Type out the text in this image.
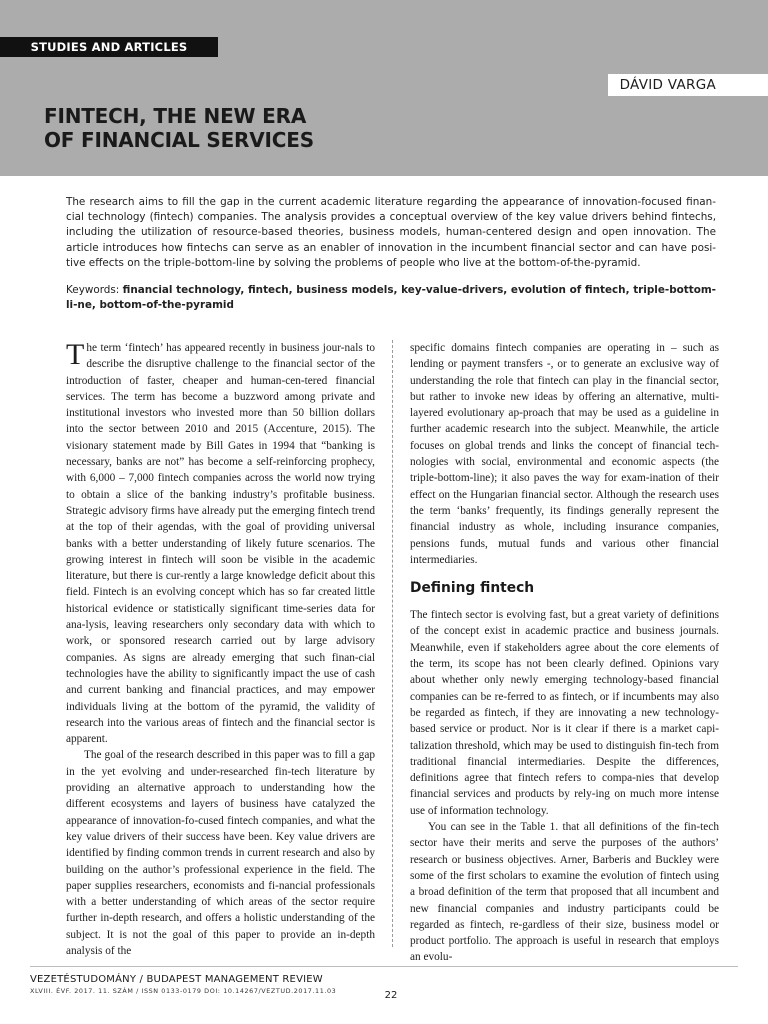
STUDIES AND ARTICLES
DÁVID VARGA
FINTECH, THE NEW ERA
OF FINANCIAL SERVICES
The research aims to fill the gap in the current academic literature regarding the appearance of innovation-focused finan-cial technology (fintech) companies. The analysis provides a conceptual overview of the key value drivers behind fintechs, including the utilization of resource-based theories, business models, human-centered design and open innovation. The article introduces how fintechs can serve as an enabler of innovation in the incumbent financial sector and can have posi-tive effects on the triple-bottom-line by solving the problems of people who live at the bottom-of-the-pyramid.
Keywords: financial technology, fintech, business models, key-value-drivers, evolution of fintech, triple-bottom-li-ne, bottom-of-the-pyramid

The term ‘fintech’ has appeared recently in business jour-nals to describe the disruptive challenge to the financial sector of the introduction of faster, cheaper and human-cen-tered financial services. The term has become a buzzword among private and institutional investors who invested more than 50 billion dollars into the sector between 2010 and 2015 (Accenture, 2015). The visionary statement made by Bill Gates in 1994 that “banking is necessary, banks are not” has become a self-reinforcing prophecy, with 6,000 – 7,000 fintech companies across the world now trying to obtain a slice of the banking industry’s profitable business. Strategic advisory firms have already put the emerging fintech trend at the top of their agendas, with the goal of providing universal banks with a better understanding of likely future scenarios. The growing interest in fintech will soon be visible in the academic literature, but there is cur-rently a large knowledge deficit about this field. Fintech is an evolving concept which has so far created little historical evidence or statistically significant time-series data for ana-lysis, leaving researchers only secondary data with which to work, or sponsored research carried out by large advisory companies. As signs are already emerging that such finan-cial technologies have the ability to significantly impact the use of cash and current banking and financial practices, and may empower individuals living at the bottom of the pyramid, the validity of research into the various areas of fintech and the financial sector is apparent.

The goal of the research described in this paper was to fill a gap in the yet evolving and under-researched fin-tech literature by providing an alternative approach to understanding how the different ecosystems and layers of business have catalyzed the appearance of innovation-fo-cused fintech companies, and what the key value drivers of their success have been. Key value drivers are identified by finding common trends in current research and also by building on the author’s professional experience in the field. The paper supplies researchers, economists and fi-nancial professionals with a better understanding of which areas of the sector require further in-depth research, and offers a holistic understanding of the subject. It is not the goal of this paper to provide an in-depth analysis of the

specific domains fintech companies are operating in – such as lending or payment transfers -, or to generate an exclusive way of understanding the role that fintech can play in the financial sector, but rather to invoke new ideas by offering an alternative, multi-layered evolutionary ap-proach that may be used as a guideline in further academic research into the subject. Meanwhile, the article focuses on global trends and links the concept of financial tech-nologies with social, environmental and economic aspects (the triple-bottom-line); it also paves the way for exam-ination of their effect on the Hungarian financial sector. Although the research uses the term ‘banks’ frequently, its findings generally represent the financial industry as whole, including insurance companies, pensions funds, mutual funds and various other financial intermediaries.

Defining fintech

The fintech sector is evolving fast, but a great variety of definitions of the concept exist in academic practice and business journals. Meanwhile, even if stakeholders agree about the core elements of the term, its scope has not been clearly defined. Opinions vary about whether only newly emerging technology-based financial companies can be re-ferred to as fintech, or if incumbents may also be regarded as fintech, if they are innovating a new technology-based service or product. Nor is it clear if there is a market capi-talization threshold, which may be used to distinguish fin-tech from traditional financial intermediaries. Despite the differences, definitions agree that fintech refers to compa-nies that develop financial services and products by rely-ing on much more intense use of information technology.

You can see in the Table 1. that all definitions of the fin-tech sector have their merits and serve the purposes of the authors’ research or business objectives. Arner, Barberis and Buckley were some of the first scholars to examine the evolution of fintech using a broad definition of the term that proposed that all incumbent and new financial companies and industry participants could be regarded as fintech, re-gardless of their size, business model or product portfolio. The approach is useful in research that employs an evolu-

VEZETÉSTUDOMÁNY / BUDAPEST MANAGEMENT REVIEW
XLVIII. ÉVF. 2017. 11. SZÁM / ISSN 0133-0179 DOI: 10.14267/VEZTUD.2017.11.03	22
